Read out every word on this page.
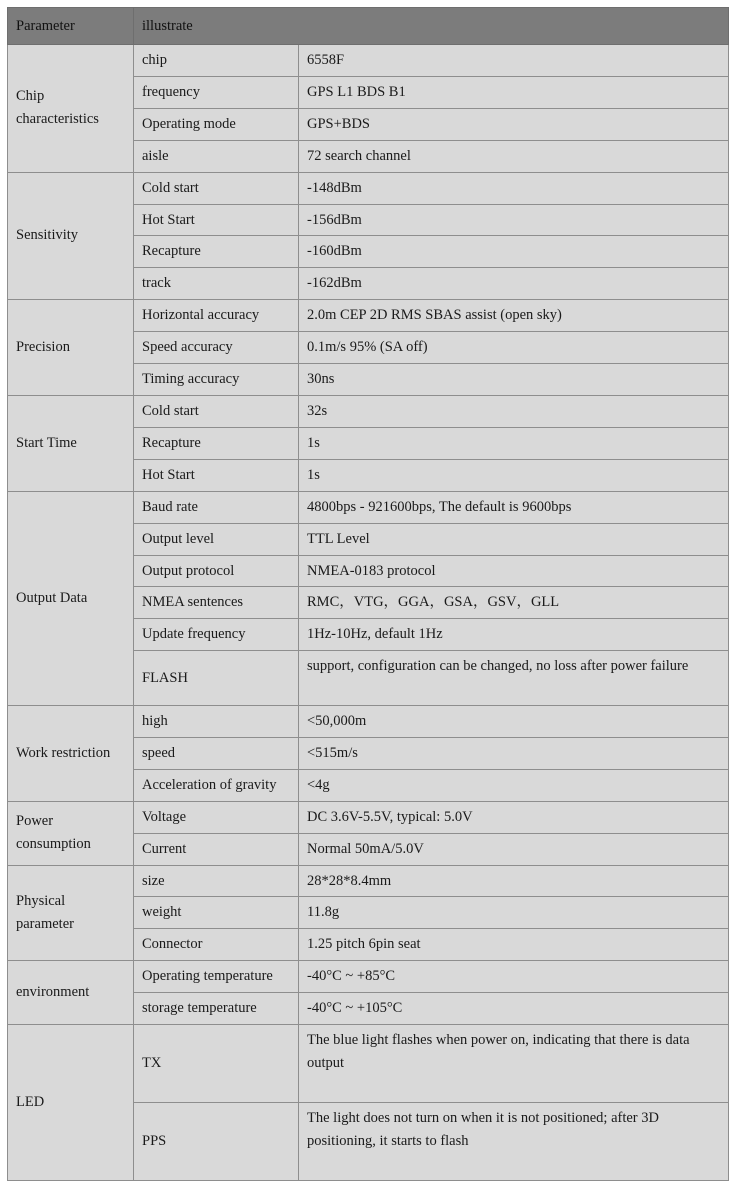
Parameter	illustrate	
Chip characteristics	chip	6558F
	frequency	GPS L1 BDS B1
	Operating mode	GPS+BDS
	aisle	72 search channel
Sensitivity	Cold start	-148dBm
	Hot Start	-156dBm
	Recapture	-160dBm
	track	-162dBm
Precision	Horizontal accuracy	2.0m CEP 2D RMS SBAS assist (open sky)
	Speed accuracy	0.1m/s 95% (SA off)
	Timing accuracy	30ns
Start Time	Cold start	32s
	Recapture	1s
	Hot Start	1s
Output Data	Baud rate	4800bps - 921600bps, The default is 9600bps
	Output level	TTL Level
	Output protocol	NMEA-0183 protocol
	NMEA sentences	RMC，VTG，GGA，GSA，GSV，GLL
	Update frequency	1Hz-10Hz, default 1Hz
	FLASH	support, configuration can be changed, no loss after power failure
Work restriction	high	<50,000m
	speed	<515m/s
	Acceleration of gravity	<4g
Power consumption	Voltage	DC 3.6V-5.5V, typical: 5.0V
	Current	Normal 50mA/5.0V
Physical parameter	size	28*28*8.4mm
	weight	11.8g
	Connector	1.25 pitch 6pin seat
environment	Operating temperature	-40°C ~ +85°C
	storage temperature	-40°C ~ +105°C
LED	TX	The blue light flashes when power on, indicating that there is data output
	PPS	The light does not turn on when it is not positioned; after 3D positioning, it starts to flash
